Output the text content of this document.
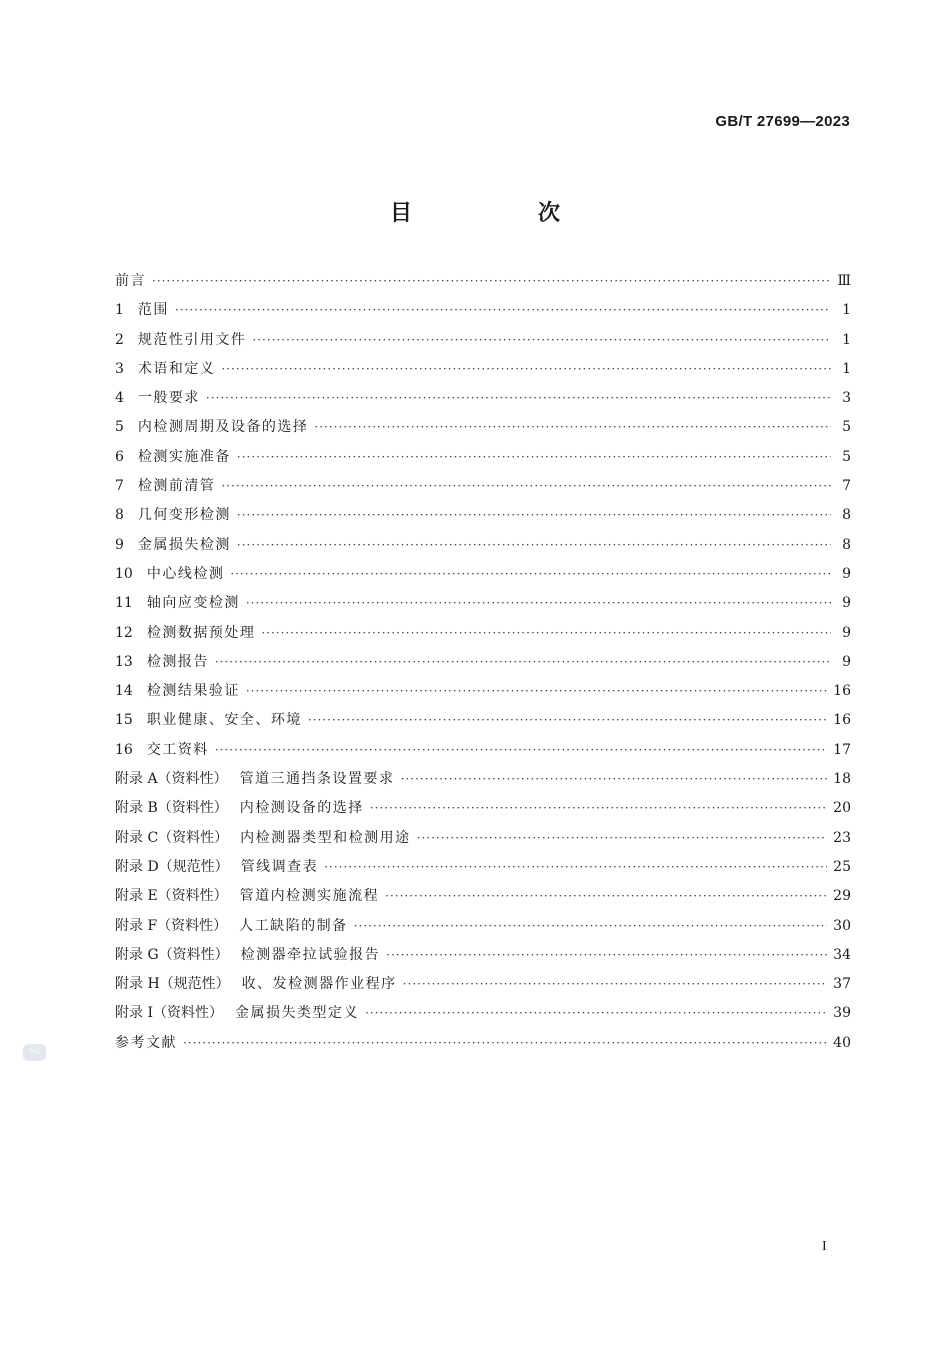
GB/T 27699—2023
目　次
前言 ·····	Ⅲ
1 范围 ·····	1
2 规范性引用文件 ·····	1
3 术语和定义 ·····	1
4 一般要求 ·····	3
5 内检测周期及设备的选择 ·····	5
6 检测实施准备 ·····	5
7 检测前清管 ·····	7
8 几何变形检测 ·····	8
9 金属损失检测 ·····	8
10 中心线检测 ·····	9
11 轴向应变检测 ·····	9
12 检测数据预处理 ·····	9
13 检测报告 ·····	9
14 检测结果验证 ·····	16
15 职业健康、安全、环境 ·····	16
16 交工资料 ·····	17
附录 A（资料性） 管道三通挡条设置要求 ·····	18
附录 B（资料性） 内检测设备的选择 ·····	20
附录 C（资料性） 内检测器类型和检测用途 ·····	23
附录 D（规范性） 管线调查表 ·····	25
附录 E（资料性） 管道内检测实施流程 ·····	29
附录 F（资料性） 人工缺陷的制备 ·····	30
附录 G（资料性） 检测器牵拉试验报告 ·····	34
附录 H（规范性） 收、发检测器作业程序 ·····	37
附录 I（资料性） 金属损失类型定义 ·····	39
参考文献 ·····	40
SAC
I
